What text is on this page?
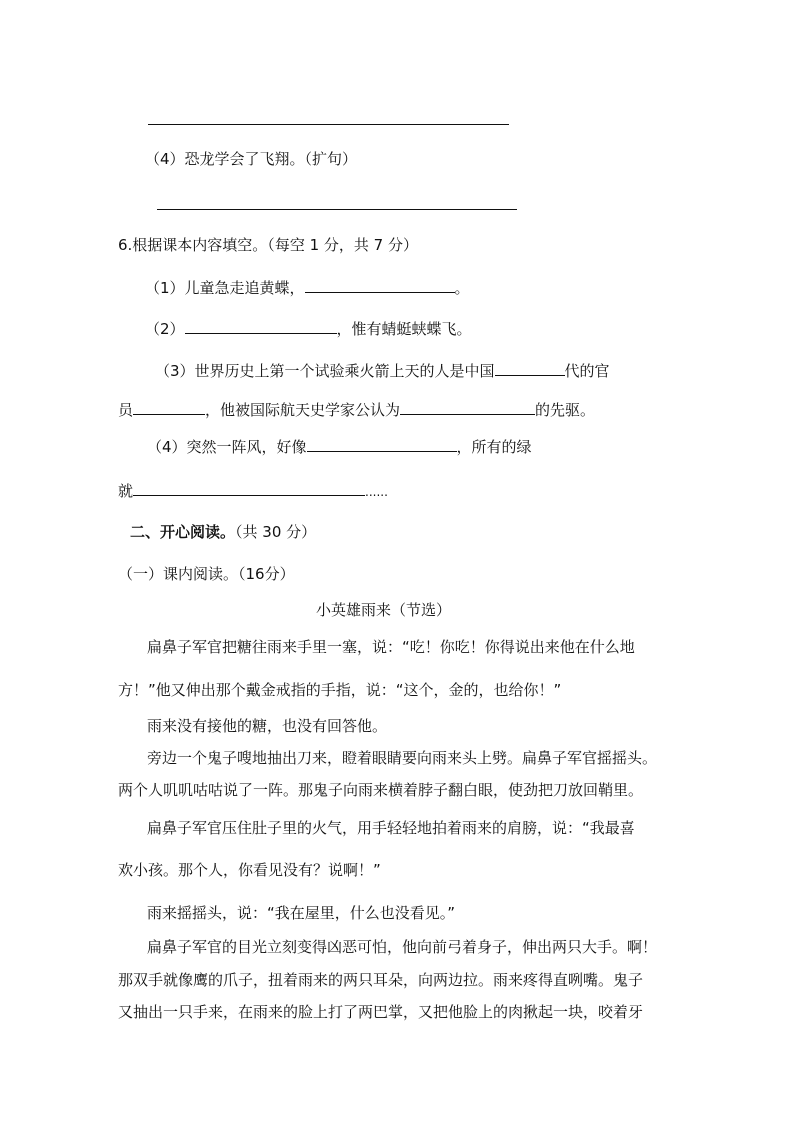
（4）恐龙学会了飞翔。（扩句）
6.根据课本内容填空。（每空 1 分，共 7 分）
（1）儿童急走追黄蝶，	。
（2）	，惟有蜻蜓蛱蝶飞。
（3）世界历史上第一个试验乘火箭上天的人是中国	代的官
员	，他被国际航天史学家公认为	的先驱。
（4）突然一阵风，好像	，所有的绿
就	......
二、开心阅读。（共 30 分）
（一）课内阅读。（16分）
小英雄雨来（节选）
扁鼻子军官把糖往雨来手里一塞，说：“吃！你吃！你得说出来他在什么地
方！”他又伸出那个戴金戒指的手指，说：“这个，金的，也给你！”
雨来没有接他的糖，也没有回答他。
旁边一个鬼子嗖地抽出刀来，瞪着眼睛要向雨来头上劈。扁鼻子军官摇摇头。
两个人叽叽咕咕说了一阵。那鬼子向雨来横着脖子翻白眼，使劲把刀放回鞘里。
扁鼻子军官压住肚子里的火气，用手轻轻地拍着雨来的肩膀，说：“我最喜
欢小孩。那个人，你看见没有？说啊！”
雨来摇摇头，说：“我在屋里，什么也没看见。”
扁鼻子军官的目光立刻变得凶恶可怕，他向前弓着身子，伸出两只大手。啊！
那双手就像鹰的爪子，扭着雨来的两只耳朵，向两边拉。雨来疼得直咧嘴。鬼子
又抽出一只手来，在雨来的脸上打了两巴掌，又把他脸上的肉揪起一块，咬着牙
